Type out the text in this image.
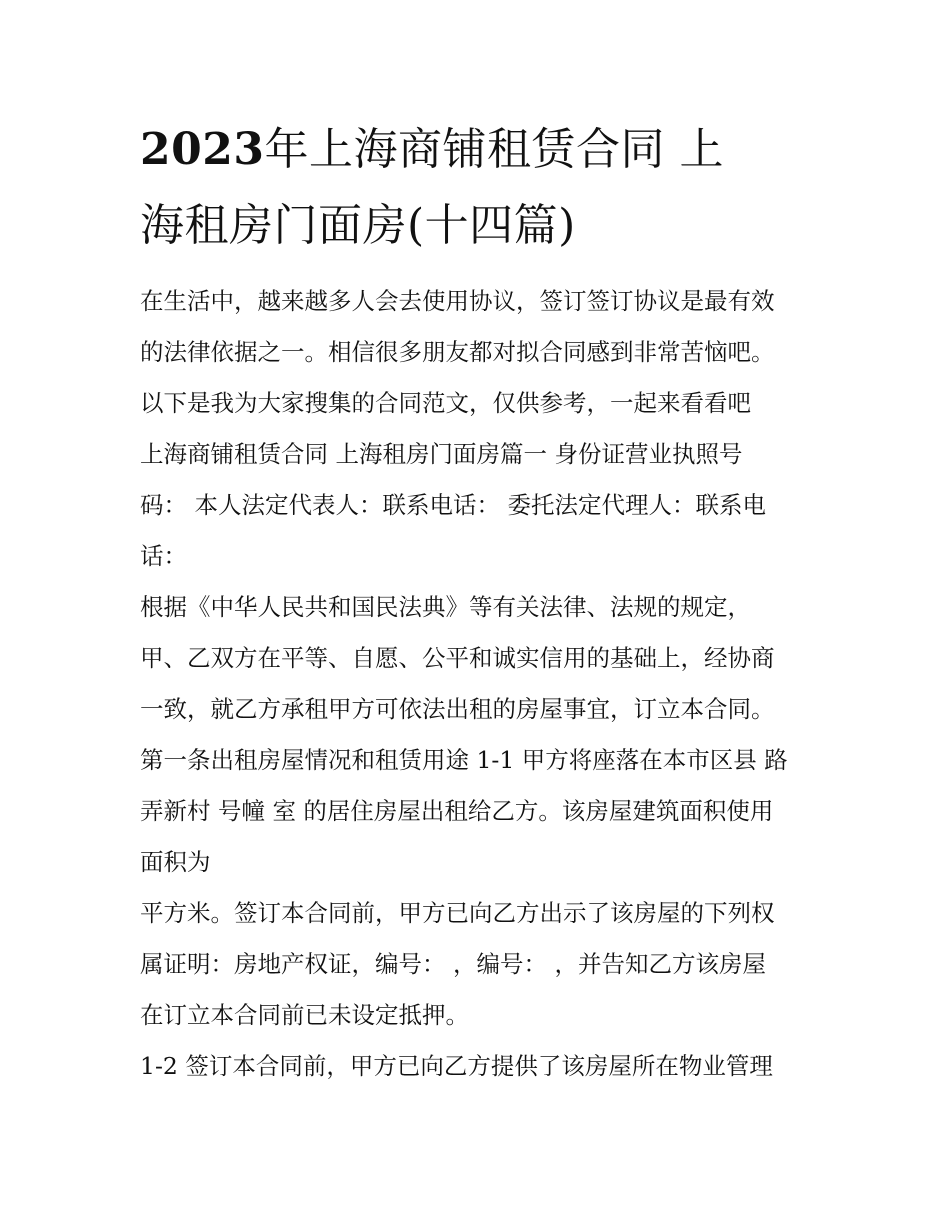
2023年上海商铺租赁合同 上
海租房门面房(十四篇)
在生活中，越来越多人会去使用协议，签订签订协议是最有效
的法律依据之一。相信很多朋友都对拟合同感到非常苦恼吧。
以下是我为大家搜集的合同范文，仅供参考，一起来看看吧
上海商铺租赁合同 上海租房门面房篇一 身份证营业执照号
码： 本人法定代表人：联系电话： 委托法定代理人：联系电
话：
根据《中华人民共和国民法典》等有关法律、法规的规定，
甲、乙双方在平等、自愿、公平和诚实信用的基础上，经协商
一致，就乙方承租甲方可依法出租的房屋事宜，订立本合同。
第一条出租房屋情况和租赁用途 1-1 甲方将座落在本市区县 路
弄新村 号幢 室 的居住房屋出租给乙方。该房屋建筑面积使用
面积为
平方米。签订本合同前，甲方已向乙方出示了该房屋的下列权
属证明：房地产权证，编号： ，编号： ，并告知乙方该房屋
在订立本合同前已未设定抵押。
1-2 签订本合同前，甲方已向乙方提供了该房屋所在物业管理
